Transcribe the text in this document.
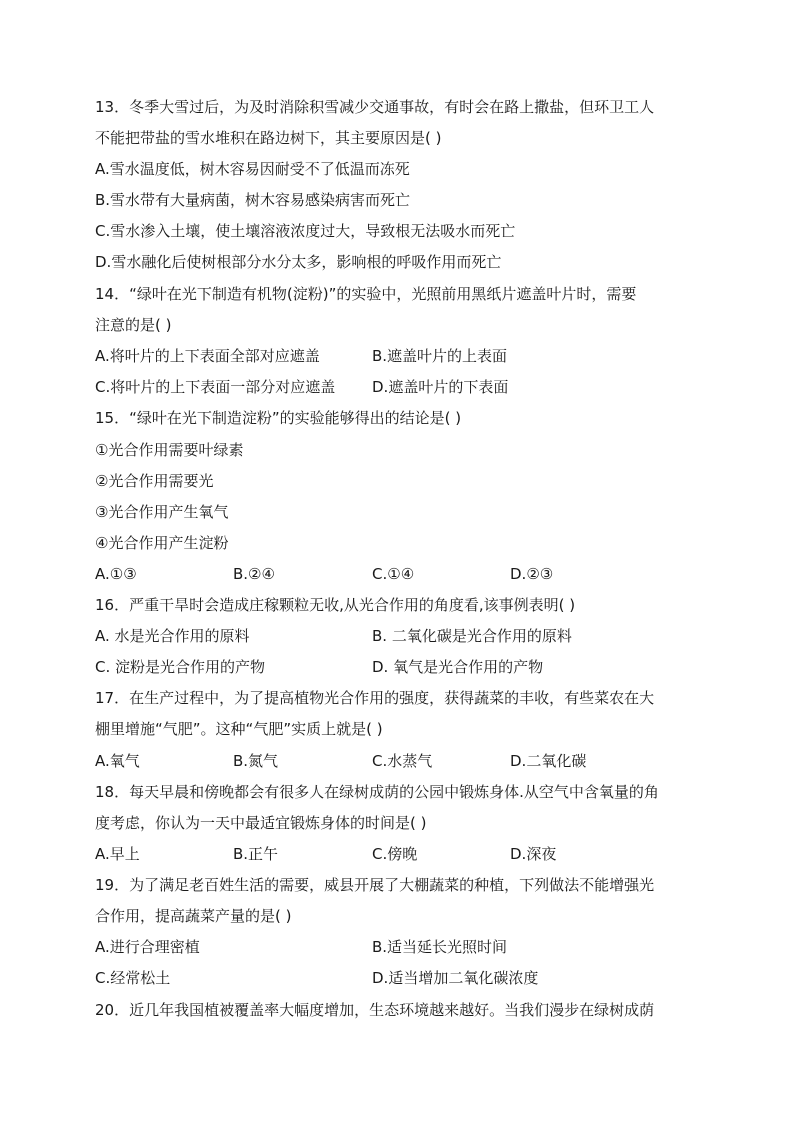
13．冬季大雪过后，为及时消除积雪减少交通事故，有时会在路上撒盐，但环卫工人
不能把带盐的雪水堆积在路边树下，其主要原因是( )
A.雪水温度低，树木容易因耐受不了低温而冻死
B.雪水带有大量病菌，树木容易感染病害而死亡
C.雪水渗入土壤，使土壤溶液浓度过大，导致根无法吸水而死亡
D.雪水融化后使树根部分水分太多，影响根的呼吸作用而死亡
14．“绿叶在光下制造有机物(淀粉)”的实验中，光照前用黑纸片遮盖叶片时，需要
注意的是( )
A.将叶片的上下表面全部对应遮盖	B.遮盖叶片的上表面
C.将叶片的上下表面一部分对应遮盖 D.遮盖叶片的下表面
15．“绿叶在光下制造淀粉”的实验能够得出的结论是( )
①光合作用需要叶绿素
②光合作用需要光
③光合作用产生氧气
④光合作用产生淀粉
A.①③	B.②④	C.①④	D.②③
16．严重干旱时会造成庄稼颗粒无收,从光合作用的角度看,该事例表明( )
A. 水是光合作用的原料	B. 二氧化碳是光合作用的原料
C. 淀粉是光合作用的产物	D. 氧气是光合作用的产物
17．在生产过程中，为了提高植物光合作用的强度，获得蔬菜的丰收，有些菜农在大
棚里增施“气肥”。这种“气肥”实质上就是( )
A.氧气	B.氮气	C.水蒸气	D.二氧化碳
18．每天早晨和傍晚都会有很多人在绿树成荫的公园中锻炼身体.从空气中含氧量的角
度考虑，你认为一天中最适宜锻炼身体的时间是( )
A.早上	B.正午	C.傍晚	D.深夜
19．为了满足老百姓生活的需要，威县开展了大棚蔬菜的种植，下列做法不能增强光
合作用，提高蔬菜产量的是( )
A.进行合理密植	B.适当延长光照时间
C.经常松土	D.适当增加二氧化碳浓度
20．近几年我国植被覆盖率大幅度增加，生态环境越来越好。当我们漫步在绿树成荫
